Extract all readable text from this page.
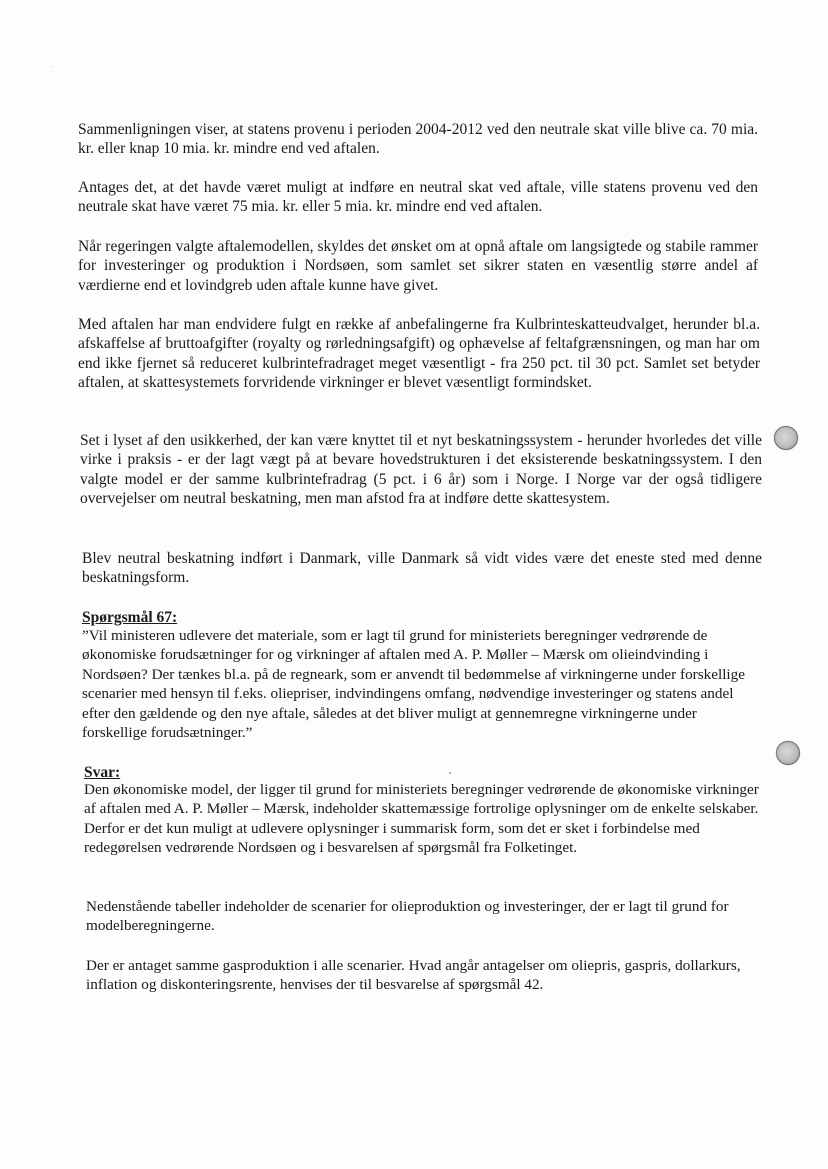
Sammenligningen viser, at statens provenu i perioden 2004-2012 ved den neutrale skat ville blive ca. 70 mia. kr. eller knap 10 mia. kr. mindre end ved aftalen.

Antages det, at det havde været muligt at indføre en neutral skat ved aftale, ville statens provenu ved den neutrale skat have været 75 mia. kr. eller 5 mia. kr. mindre end ved aftalen.

Når regeringen valgte aftalemodellen, skyldes det ønsket om at opnå aftale om langsigtede og stabile rammer for investeringer og produktion i Nordsøen, som samlet set sikrer staten en væsentlig større andel af værdierne end et lovindgreb uden aftale kunne have givet.

Med aftalen har man endvidere fulgt en række af anbefalingerne fra Kulbrinteskatteudvalget, herunder bl.a. afskaffelse af bruttoafgifter (royalty og rørledningsafgift) og ophævelse af feltafgrænsningen, og man har om end ikke fjernet så reduceret kulbrintefradraget meget væsentligt - fra 250 pct. til 30 pct. Samlet set betyder aftalen, at skattesystemets forvridende virkninger er blevet væsentligt formindsket.

Set i lyset af den usikkerhed, der kan være knyttet til et nyt beskatningssystem - herunder hvorledes det ville virke i praksis - er der lagt vægt på at bevare hovedstrukturen i det eksisterende beskatningssystem. I den valgte model er der samme kulbrintefradrag (5 pct. i 6 år) som i Norge. I Norge var der også tidligere overvejelser om neutral beskatning, men man afstod fra at indføre dette skattesystem.

Blev neutral beskatning indført i Danmark, ville Danmark så vidt vides være det eneste sted med denne beskatningsform.

Spørgsmål 67:

”Vil ministeren udlevere det materiale, som er lagt til grund for ministeriets beregninger vedrørende de økonomiske forudsætninger for og virkninger af aftalen med A. P. Møller – Mærsk om olieindvinding i Nordsøen? Der tænkes bl.a. på de regneark, som er anvendt til bedømmelse af virkningerne under forskellige scenarier med hensyn til f.eks. oliepriser, indvindingens omfang, nødvendige investeringer og statens andel efter den gældende og den nye aftale, således at det bliver muligt at gennemregne virkningerne under forskellige forudsætninger.”

Svar:

Den økonomiske model, der ligger til grund for ministeriets beregninger vedrørende de økonomiske virkninger af aftalen med A. P. Møller – Mærsk, indeholder skattemæssige fortrolige oplysninger om de enkelte selskaber. Derfor er det kun muligt at udlevere oplysninger i summarisk form, som det er sket i forbindelse med redegørelsen vedrørende Nordsøen og i besvarelsen af spørgsmål fra Folketinget.

Nedenstående tabeller indeholder de scenarier for olieproduktion og investeringer, der er lagt til grund for modelberegningerne.

Der er antaget samme gasproduktion i alle scenarier. Hvad angår antagelser om oliepris, gaspris, dollarkurs, inflation og diskonteringsrente, henvises der til besvarelse af spørgsmål 42.
